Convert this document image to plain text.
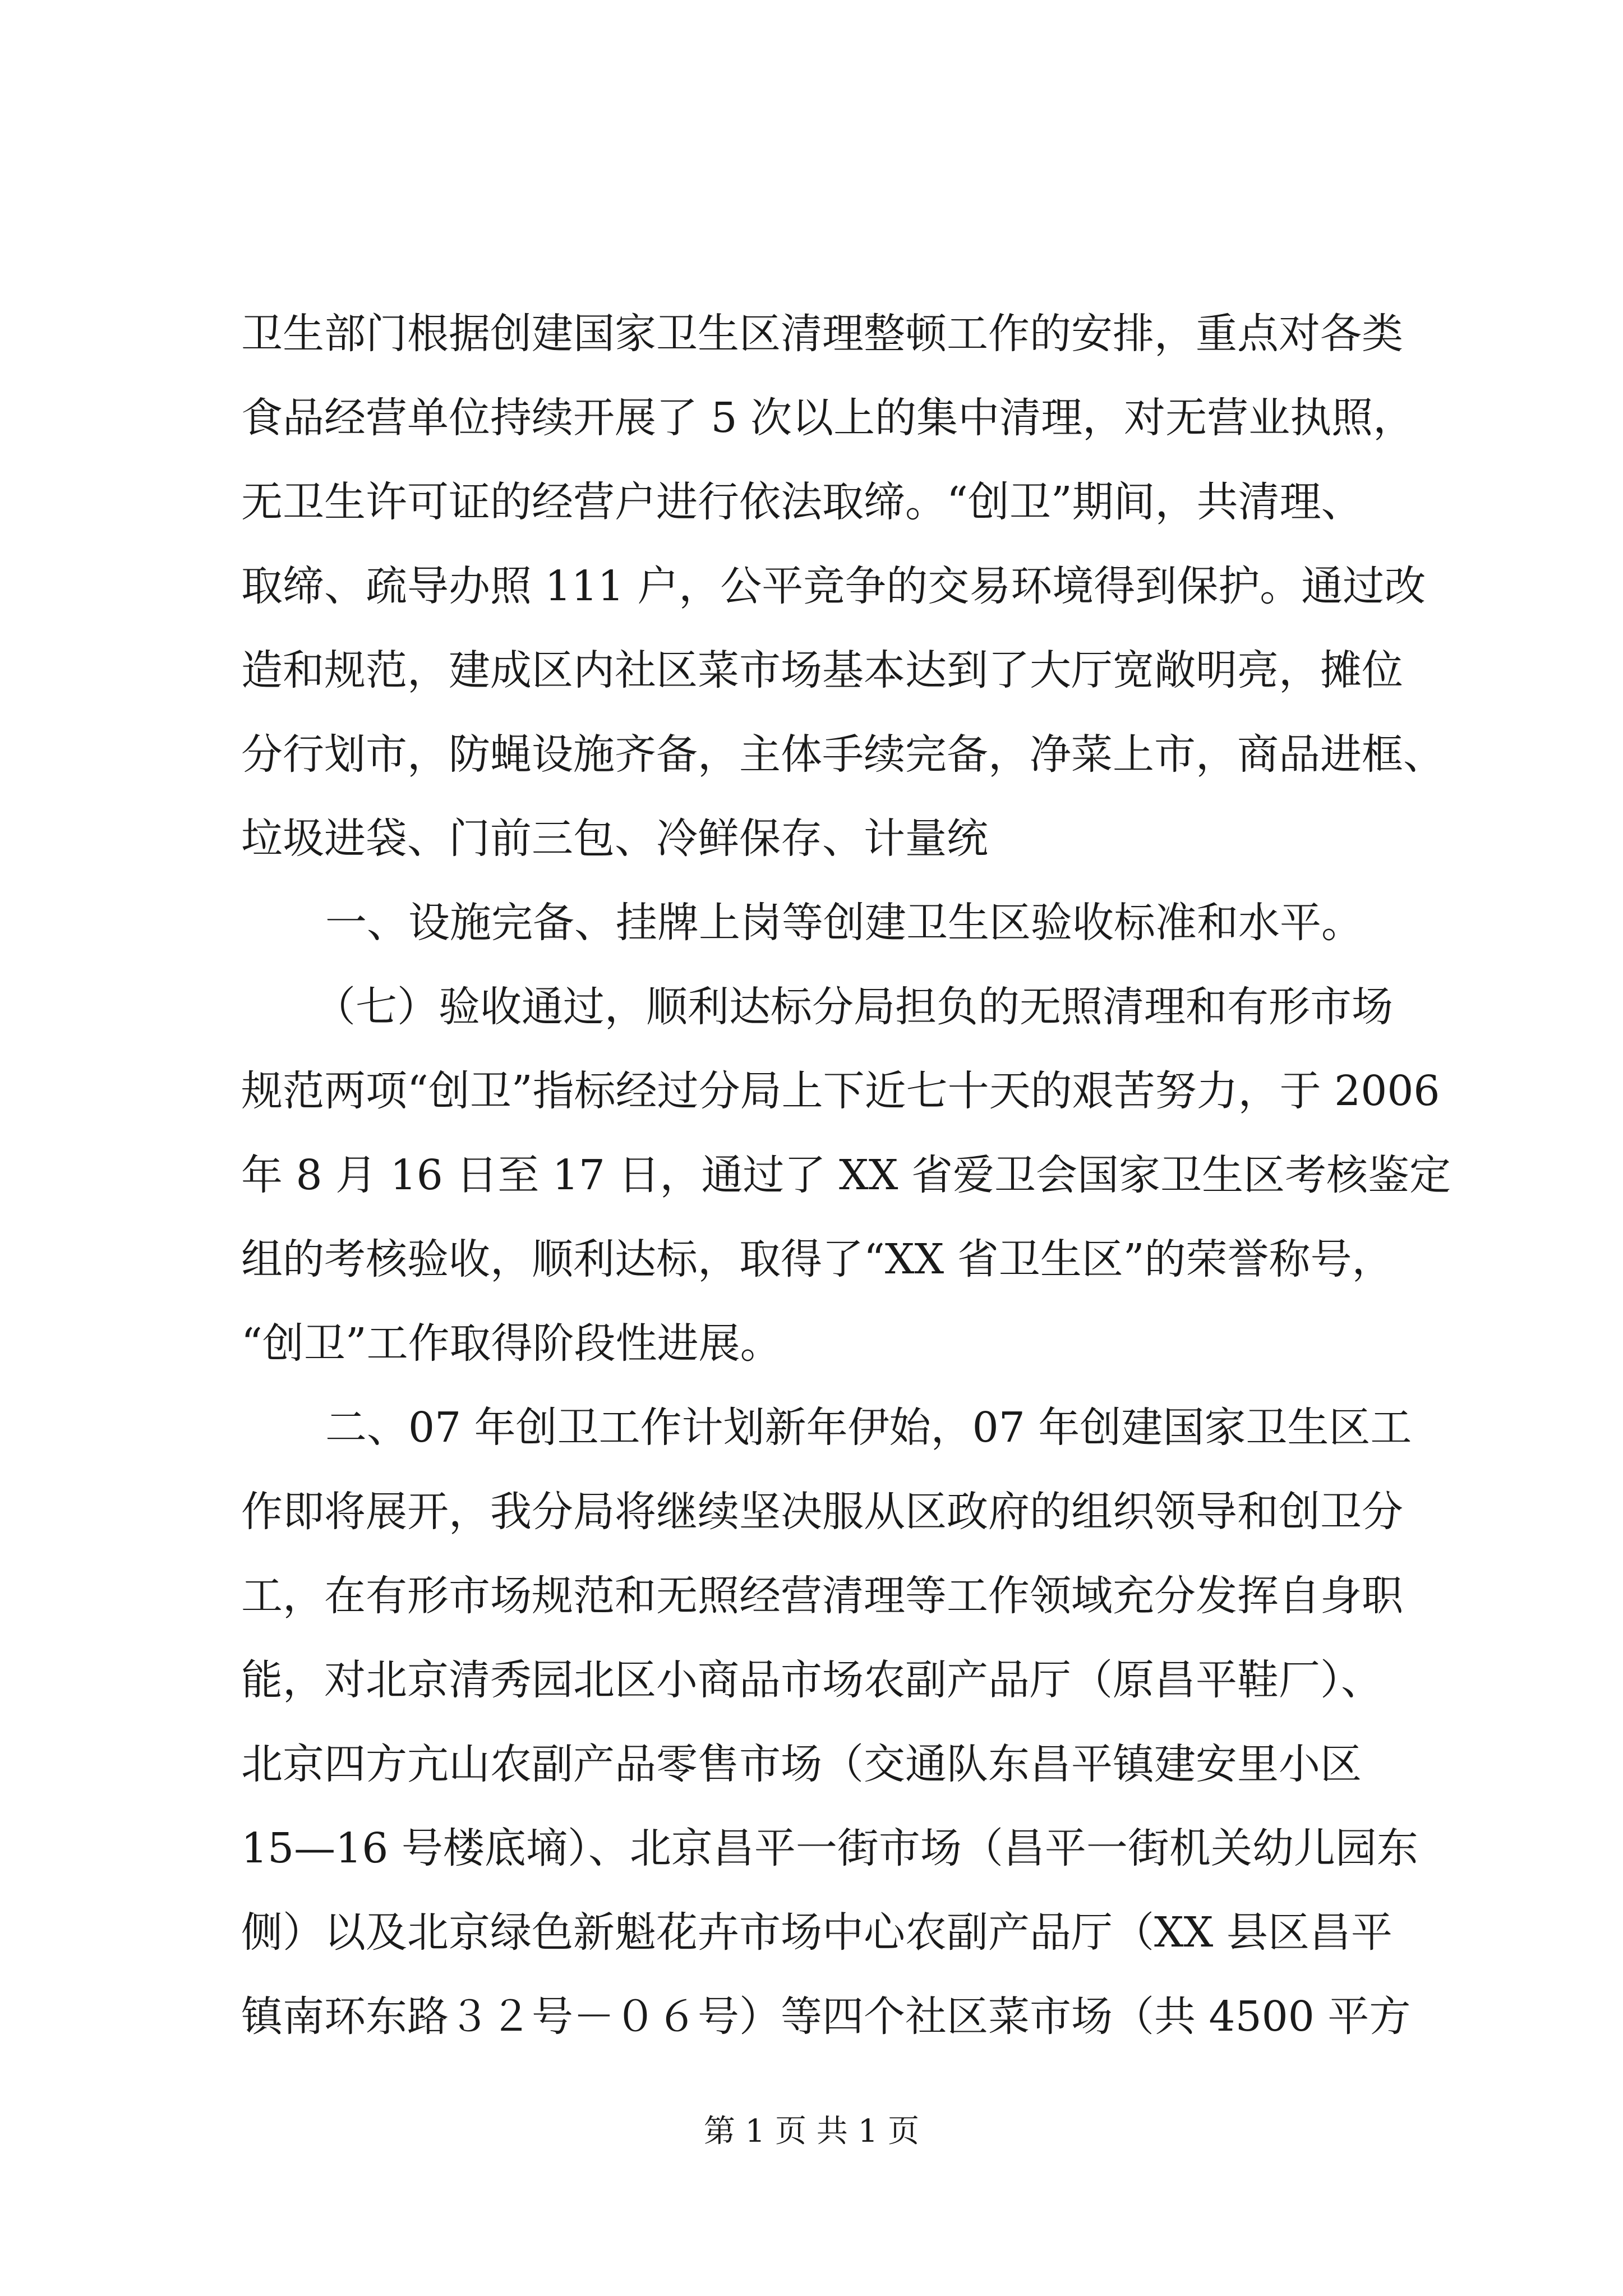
卫生部门根据创建国家卫生区清理整顿工作的安排，重点对各类
食品经营单位持续开展了 5 次以上的集中清理，对无营业执照，
无卫生许可证的经营户进行依法取缔。“创卫”期间，共清理、
取缔、疏导办照 111 户，公平竞争的交易环境得到保护。通过改
造和规范，建成区内社区菜市场基本达到了大厅宽敞明亮，摊位
分行划市，防蝇设施齐备，主体手续完备，净菜上市，商品进框、
垃圾进袋、门前三包、冷鲜保存、计量统
一、设施完备、挂牌上岗等创建卫生区验收标准和水平。
（七）验收通过，顺利达标分局担负的无照清理和有形市场
规范两项“创卫”指标经过分局上下近七十天的艰苦努力，于 2006
年 8 月 16 日至 17 日，通过了 XX 省爱卫会国家卫生区考核鉴定
组的考核验收，顺利达标，取得了“XX 省卫生区”的荣誉称号，
“创卫”工作取得阶段性进展。
二、07 年创卫工作计划新年伊始，07 年创建国家卫生区工
作即将展开，我分局将继续坚决服从区政府的组织领导和创卫分
工，在有形市场规范和无照经营清理等工作领域充分发挥自身职
能，对北京清秀园北区小商品市场农副产品厅（原昌平鞋厂）、
北京四方亢山农副产品零售市场（交通队东昌平镇建安里小区
15—16 号楼底墒）、北京昌平一街市场（昌平一街机关幼儿园东
侧）以及北京绿色新魁花卉市场中心农副产品厅（XX 县区昌平
镇南环东路３２号－０６号）等四个社区菜市场（共 4500 平方
第 1 页 共 1 页
